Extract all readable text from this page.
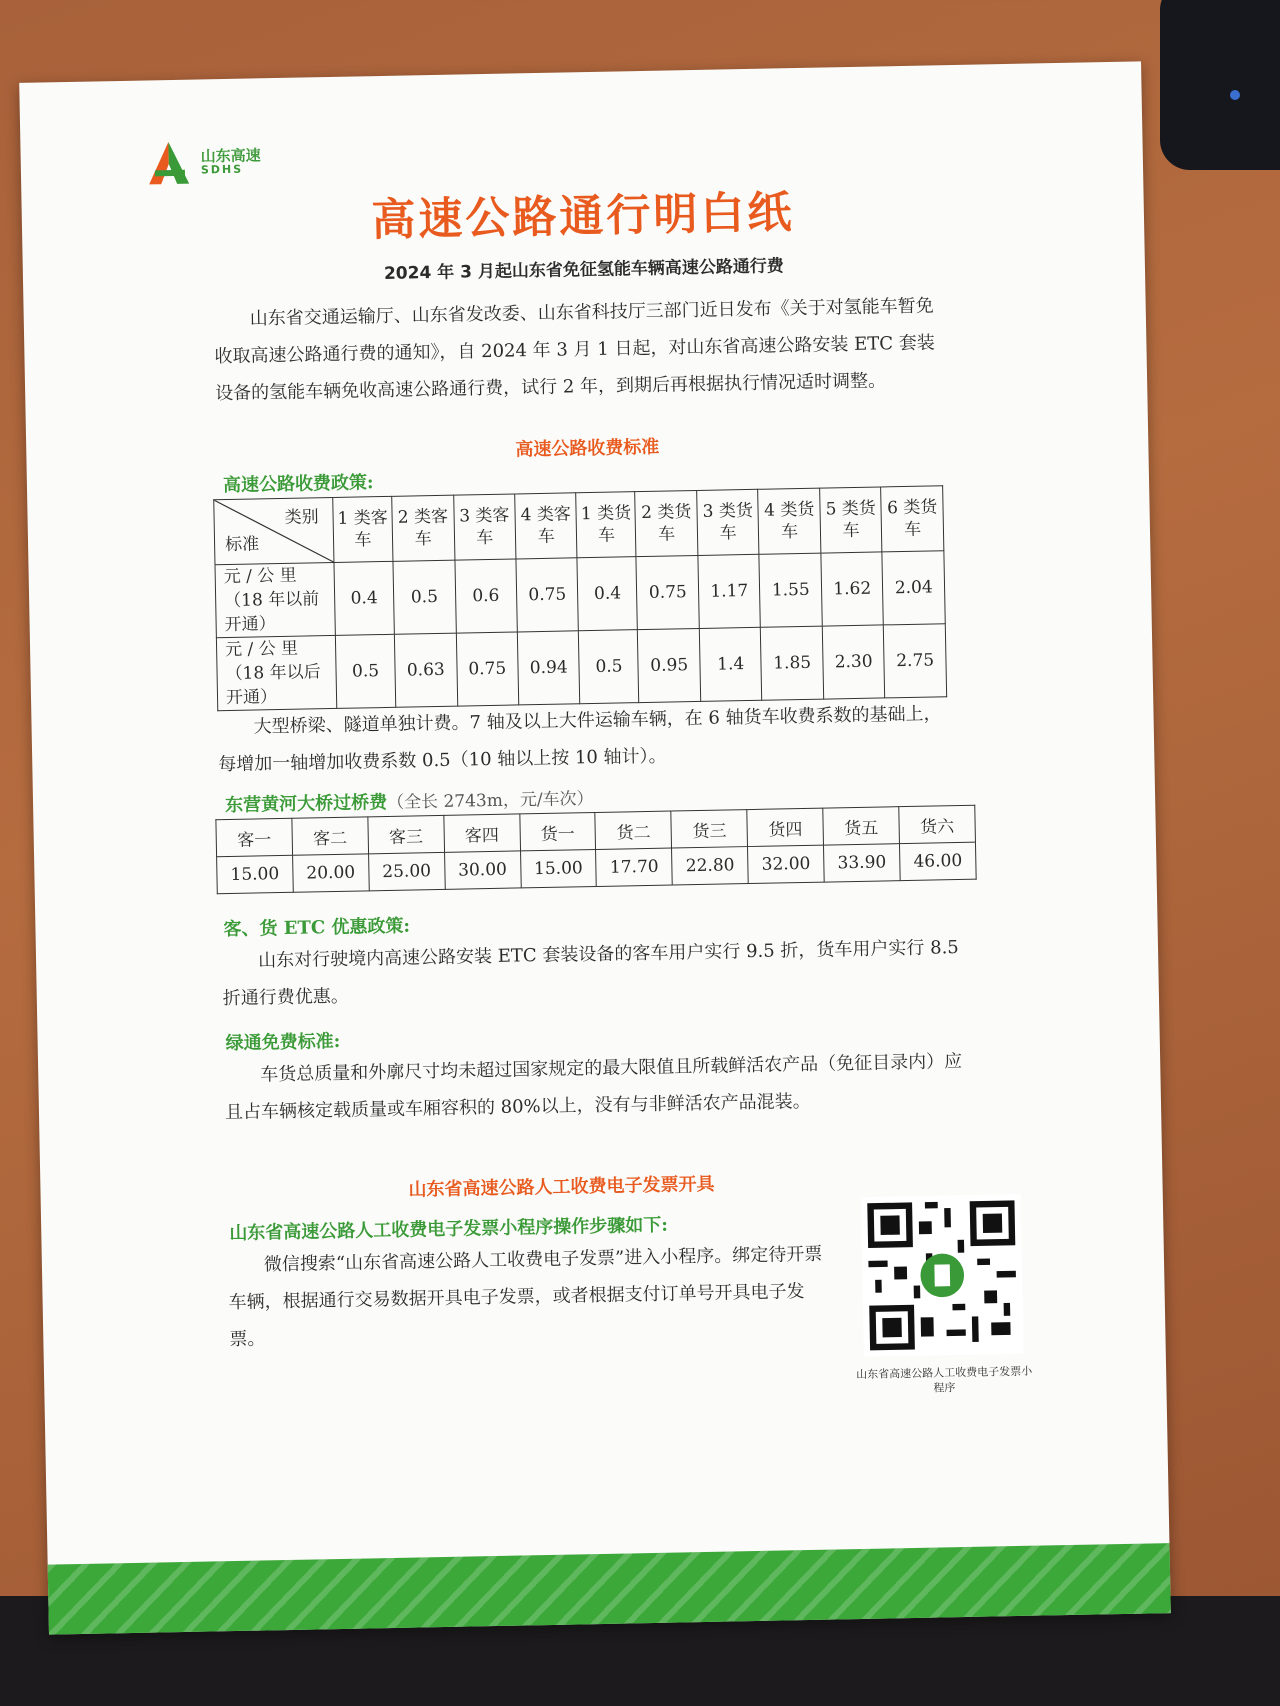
山东高速
SDHS
高速公路通行明白纸
2024 年 3 月起山东省免征氢能车辆高速公路通行费
山东省交通运输厅、山东省发改委、山东省科技厅三部门近日发布《关于对氢能车暂免收取高速公路通行费的通知》，自 2024 年 3 月 1 日起，对山东省高速公路安装 ETC 套装设备的氢能车辆免收高速公路通行费，试行 2 年，到期后再根据执行情况适时调整。
高速公路收费标准
高速公路收费政策:
类别
标准	1 类客车	2 类客车	3 类客车	4 类客车	1 类货车	2 类货车	3 类货车	4 类货车	5 类货车	6 类货车
元 / 公 里（18 年以前开通）	0.4	0.5	0.6	0.75	0.4	0.75	1.17	1.55	1.62	2.04
元 / 公 里（18 年以后开通）	0.5	0.63	0.75	0.94	0.5	0.95	1.4	1.85	2.30	2.75
大型桥梁、隧道单独计费。7 轴及以上大件运输车辆，在 6 轴货车收费系数的基础上，每增加一轴增加收费系数 0.5（10 轴以上按 10 轴计）。
东营黄河大桥过桥费（全长 2743m，元/车次）
客一	客二	客三	客四	货一	货二	货三	货四	货五	货六
15.00	20.00	25.00	30.00	15.00	17.70	22.80	32.00	33.90	46.00
客、货 ETC 优惠政策:
山东对行驶境内高速公路安装 ETC 套装设备的客车用户实行 9.5 折，货车用户实行 8.5 折通行费优惠。
绿通免费标准:
车货总质量和外廓尺寸均未超过国家规定的最大限值且所载鲜活农产品（免征目录内）应且占车辆核定载质量或车厢容积的 80%以上，没有与非鲜活农产品混装。
山东省高速公路人工收费电子发票开具
山东省高速公路人工收费电子发票小程序操作步骤如下:
微信搜索“山东省高速公路人工收费电子发票”进入小程序。绑定待开票车辆，根据通行交易数据开具电子发票，或者根据支付订单号开具电子发票。
山东省高速公路人工收费电子发票小程序
